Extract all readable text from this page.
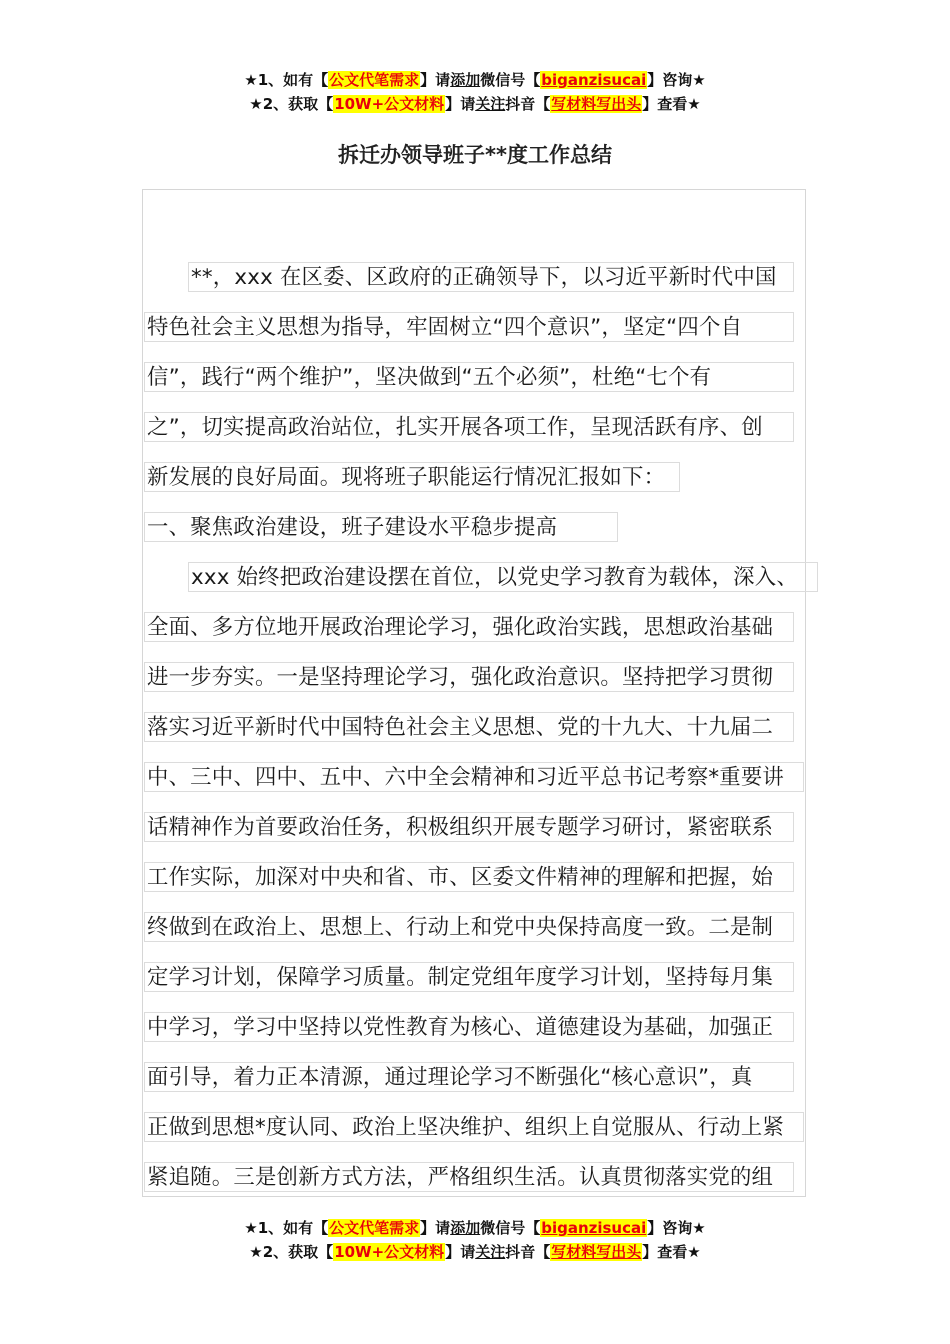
★1、如有【公文代笔需求】请添加微信号【biganzisucai】咨询★
★2、获取【10W+公文材料】请关注抖音【写材料写出头】查看★
拆迁办领导班子**度工作总结
**，xxx 在区委、区政府的正确领导下，以习近平新时代中国
特色社会主义思想为指导，牢固树立“四个意识”，坚定“四个自
信”，践行“两个维护”，坚决做到“五个必须”，杜绝“七个有
之”，切实提高政治站位，扎实开展各项工作，呈现活跃有序、创
新发展的良好局面。现将班子职能运行情况汇报如下：
一、聚焦政治建设，班子建设水平稳步提高
xxx 始终把政治建设摆在首位，以党史学习教育为载体，深入、
全面、多方位地开展政治理论学习，强化政治实践，思想政治基础
进一步夯实。一是坚持理论学习，强化政治意识。坚持把学习贯彻
落实习近平新时代中国特色社会主义思想、党的十九大、十九届二
中、三中、四中、五中、六中全会精神和习近平总书记考察*重要讲
话精神作为首要政治任务，积极组织开展专题学习研讨，紧密联系
工作实际，加深对中央和省、市、区委文件精神的理解和把握，始
终做到在政治上、思想上、行动上和党中央保持高度一致。二是制
定学习计划，保障学习质量。制定党组年度学习计划，坚持每月集
中学习，学习中坚持以党性教育为核心、道德建设为基础，加强正
面引导，着力正本清源，通过理论学习不断强化“核心意识”，真
正做到思想*度认同、政治上坚决维护、组织上自觉服从、行动上紧
紧追随。三是创新方式方法，严格组织生活。认真贯彻落实党的组
★1、如有【公文代笔需求】请添加微信号【biganzisucai】咨询★
★2、获取【10W+公文材料】请关注抖音【写材料写出头】查看★
